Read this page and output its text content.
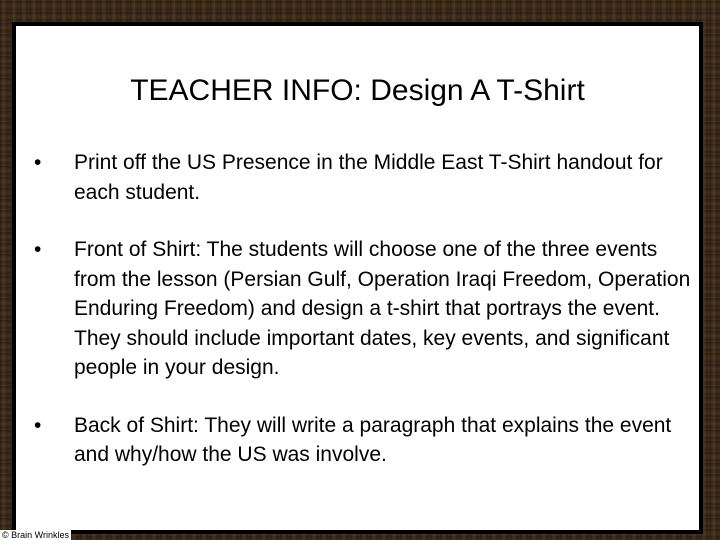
TEACHER INFO: Design A T-Shirt
•	Print off the US Presence in the Middle East T-Shirt handout for each student.
•	Front of Shirt: The students will choose one of the three events from the lesson (Persian Gulf, Operation Iraqi Freedom, Operation Enduring Freedom) and design a t-shirt that portrays the event. They should include important dates, key events, and significant people in your design.
•	Back of Shirt: They will write a paragraph that explains the event and why/how the US was involve.
© Brain Wrinkles
